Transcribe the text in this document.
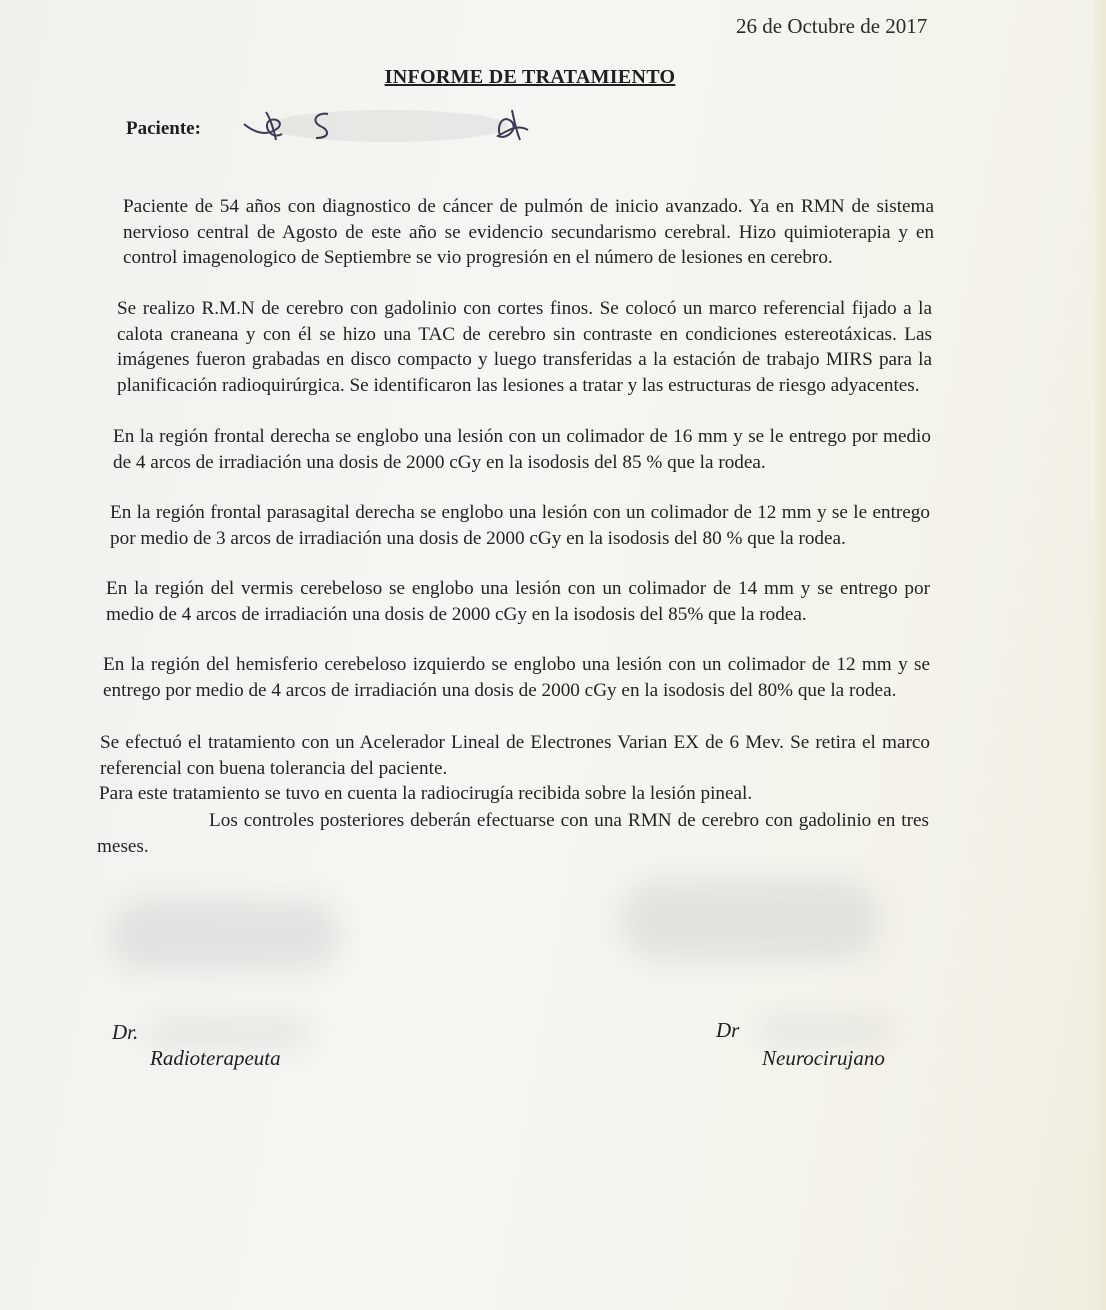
26 de Octubre de 2017
INFORME DE TRATAMIENTO
Paciente:

Paciente de 54 años con diagnostico de cáncer de pulmón de inicio avanzado. Ya en RMN de sistema nervioso central de Agosto de este año se evidencio secundarismo cerebral. Hizo quimioterapia y en control imagenologico de Septiembre se vio progresión en el número de lesiones en cerebro.

Se realizo R.M.N de cerebro con gadolinio con cortes finos. Se colocó un marco referencial fijado a la calota craneana y con él se hizo una TAC de cerebro sin contraste en condiciones estereotáxicas. Las imágenes fueron grabadas en disco compacto y luego transferidas a la estación de trabajo MIRS para la planificación radioquirúrgica. Se identificaron las lesiones a tratar y las estructuras de riesgo adyacentes.

En la región frontal derecha se englobo una lesión con un colimador de 16 mm y se le entrego por medio de 4 arcos de irradiación una dosis de 2000 cGy en la isodosis del 85 % que la rodea.

En la región frontal parasagital derecha se englobo una lesión con un colimador de 12 mm y se le entrego por medio de 3 arcos de irradiación una dosis de 2000 cGy en la isodosis del 80 % que la rodea.

En la región del vermis cerebeloso se englobo una lesión con un colimador de 14 mm y se entrego por medio de 4 arcos de irradiación una dosis de 2000 cGy en la isodosis del 85% que la rodea.

En la región del hemisferio cerebeloso izquierdo se englobo una lesión con un colimador de 12 mm y se entrego por medio de 4 arcos de irradiación una dosis de 2000 cGy en la isodosis del 80% que la rodea.

Se efectuó el tratamiento con un Acelerador Lineal de Electrones Varian EX de 6 Mev. Se retira el marco referencial con buena tolerancia del paciente.

Para este tratamiento se tuvo en cuenta la radiocirugía recibida sobre la lesión pineal.

Los controles posteriores deberán efectuarse con una RMN de cerebro con gadolinio en tres meses.

Dr.
Radioterapeuta
Dr
Neurocirujano
